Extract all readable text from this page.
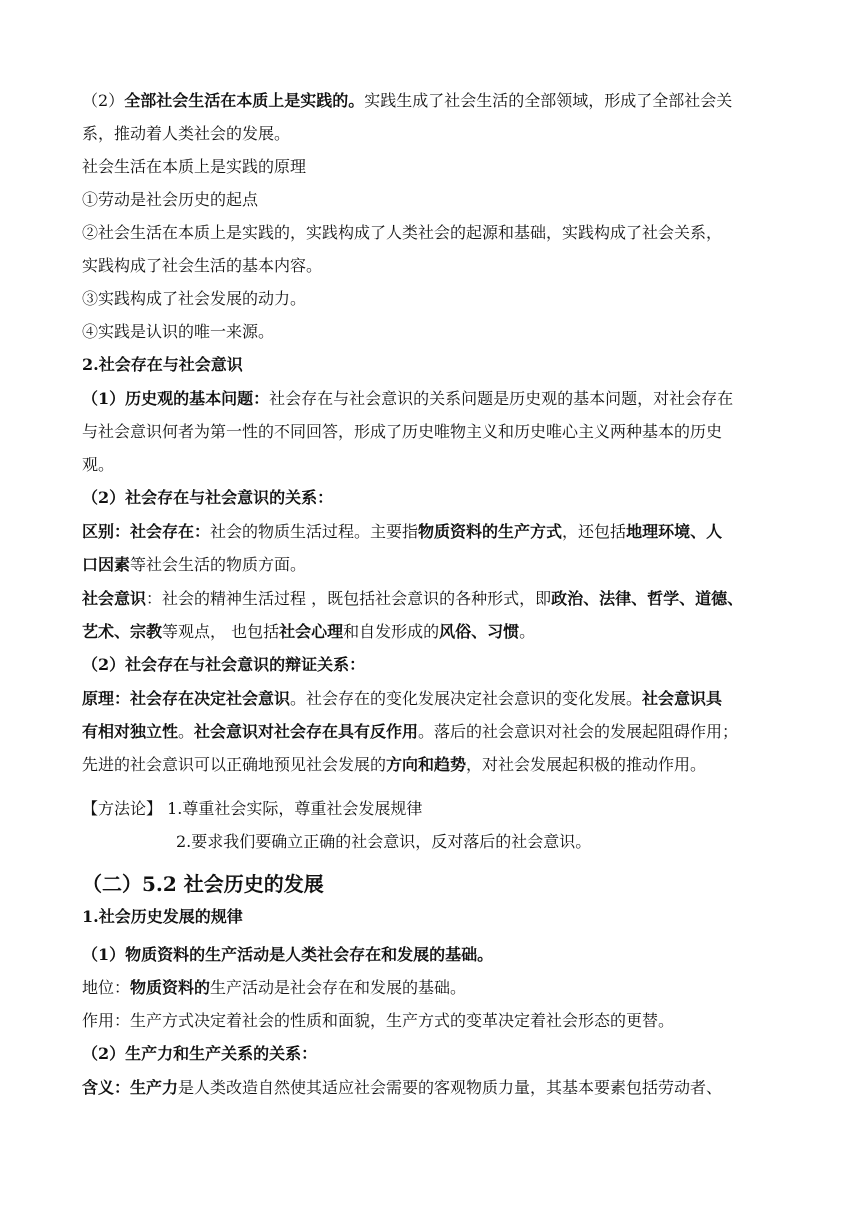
（2）全部社会生活在本质上是实践的。实践生成了社会生活的全部领域，形成了全部社会关
系，推动着人类社会的发展。
社会生活在本质上是实践的原理
①劳动是社会历史的起点
②社会生活在本质上是实践的，实践构成了人类社会的起源和基础，实践构成了社会关系，
实践构成了社会生活的基本内容。
③实践构成了社会发展的动力。
④实践是认识的唯一来源。
2.社会存在与社会意识
（1）历史观的基本问题：社会存在与社会意识的关系问题是历史观的基本问题，对社会存在
与社会意识何者为第一性的不同回答，形成了历史唯物主义和历史唯心主义两种基本的历史
观。
（2）社会存在与社会意识的关系：
区别：社会存在：社会的物质生活过程。主要指物质资料的生产方式，还包括地理环境、人
口因素等社会生活的物质方面。
社会意识：社会的精神生活过程 ，既包括社会意识的各种形式，即政治、法律、哲学、道德、
艺术、宗教等观点， 也包括社会心理和自发形成的风俗、习惯。
（2）社会存在与社会意识的辩证关系：
原理：社会存在决定社会意识。社会存在的变化发展决定社会意识的变化发展。社会意识具
有相对独立性。社会意识对社会存在具有反作用。落后的社会意识对社会的发展起阻碍作用；
先进的社会意识可以正确地预见社会发展的方向和趋势，对社会发展起积极的推动作用。
【方法论】 1.尊重社会实际，尊重社会发展规律
2.要求我们要确立正确的社会意识，反对落后的社会意识。
（二）5.2 社会历史的发展
1.社会历史发展的规律
（1）物质资料的生产活动是人类社会存在和发展的基础。
地位：物质资料的生产活动是社会存在和发展的基础。
作用：生产方式决定着社会的性质和面貌，生产方式的变革决定着社会形态的更替。
（2）生产力和生产关系的关系：
含义：生产力是人类改造自然使其适应社会需要的客观物质力量，其基本要素包括劳动者、
